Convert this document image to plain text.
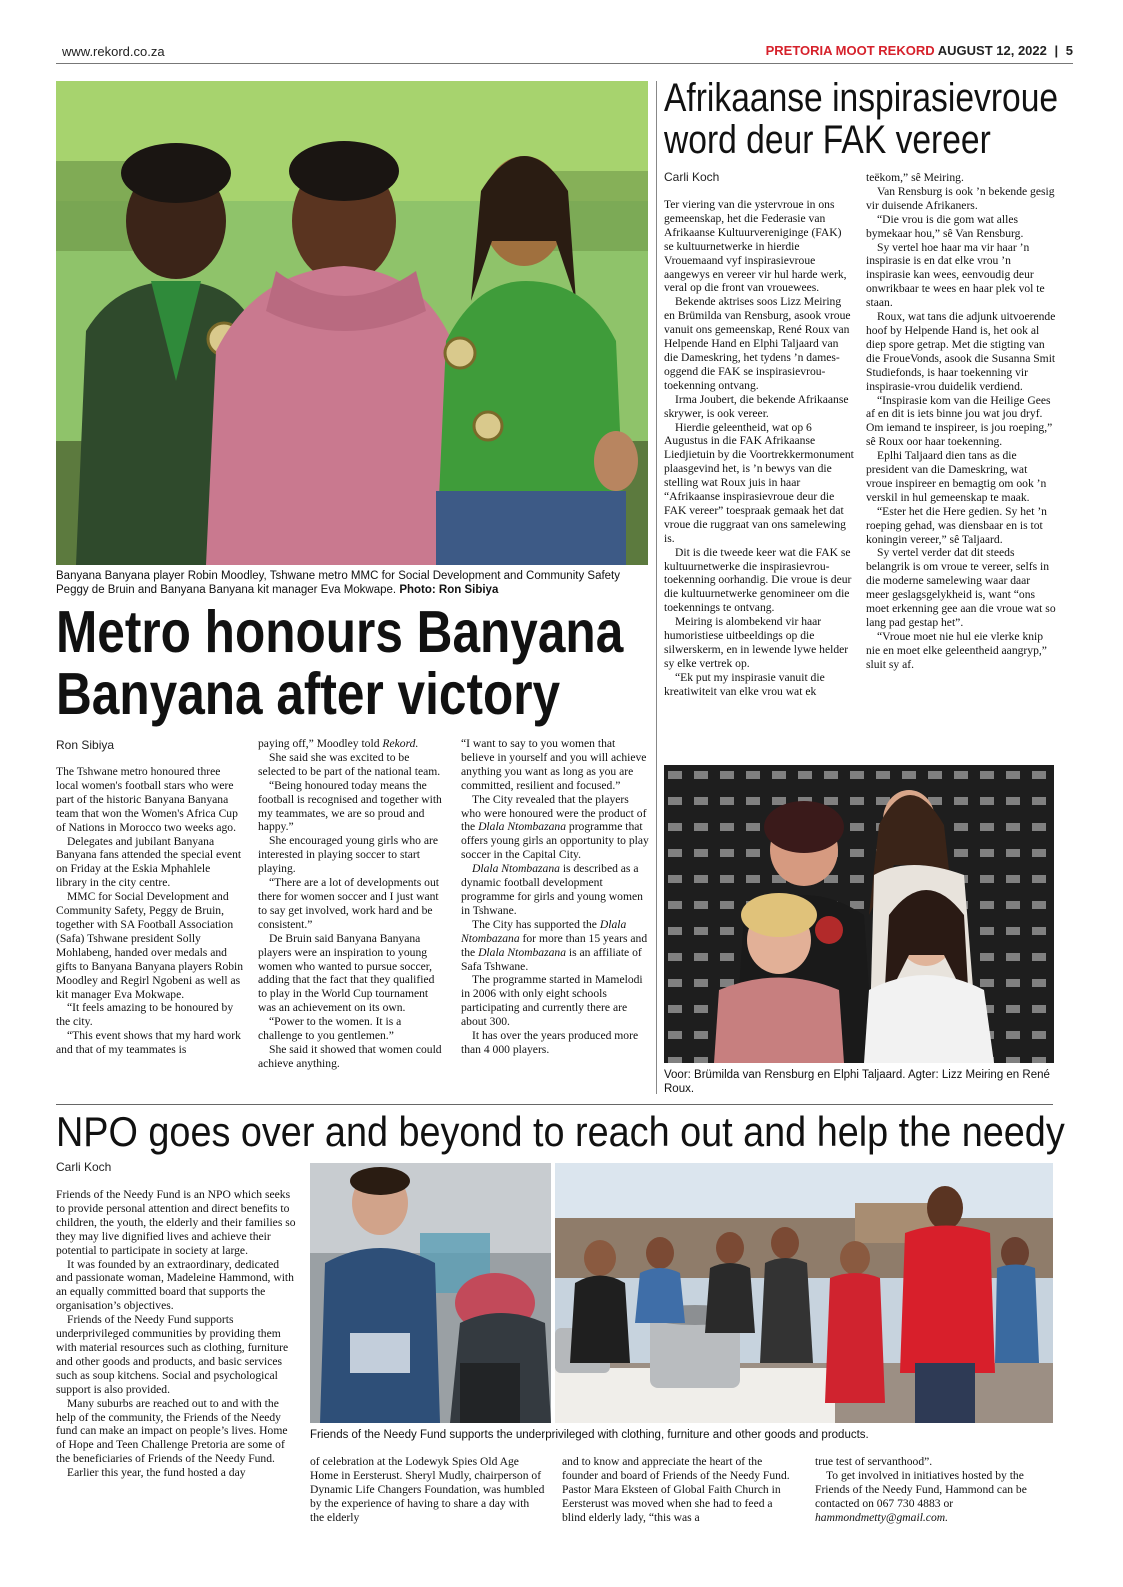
www.rekord.co.za	PRETORIA MOOT REKORD AUGUST 12, 2022 | 5
Banyana Banyana player Robin Moodley, Tshwane metro MMC for Social Development and Community Safety Peggy de Bruin and Banyana Banyana kit manager Eva Mokwape. Photo: Ron Sibiya
Metro honours Banyana
Banyana after victory
Ron Sibiya

The Tshwane metro honoured three local women's football stars who were part of the historic Banyana Banyana team that won the Women's Africa Cup of Nations in Morocco two weeks ago.

Delegates and jubilant Banyana Banyana fans attended the special event on Friday at the Eskia Mphahlele library in the city centre.

MMC for Social Development and Community Safety, Peggy de Bruin, together with SA Football Association (Safa) Tshwane president Solly Mohlabeng, handed over medals and gifts to Banyana Banyana players Robin Moodley and Regirl Ngobeni as well as kit manager Eva Mokwape.

“It feels amazing to be honoured by the city.

“This event shows that my hard work and that of my teammates is

paying off,” Moodley told Rekord.

She said she was excited to be selected to be part of the national team.

“Being honoured today means the football is recognised and together with my teammates, we are so proud and happy.”

She encouraged young girls who are interested in playing soccer to start playing.

“There are a lot of developments out there for women soccer and I just want to say get involved, work hard and be consistent.”

De Bruin said Banyana Banyana players were an inspiration to young women who wanted to pursue soccer, adding that the fact that they qualified to play in the World Cup tournament was an achievement on its own.

“Power to the women. It is a challenge to you gentlemen.”

She said it showed that women could achieve anything.

“I want to say to you women that believe in yourself and you will achieve anything you want as long as you are committed, resilient and focused.”

The City revealed that the players who were honoured were the product of the Dlala Ntombazana programme that offers young girls an opportunity to play soccer in the Capital City.

Dlala Ntombazana is described as a dynamic football development programme for girls and young women in Tshwane.

The City has supported the Dlala Ntombazana for more than 15 years and the Dlala Ntombazana is an affiliate of Safa Tshwane.

The programme started in Mamelodi in 2006 with only eight schools participating and currently there are about 300.

It has over the years produced more than 4 000 players.

Afrikaanse inspirasievroue
word deur FAK vereer
Carli Koch

Ter viering van die ystervroue in ons gemeenskap, het die Federasie van Afrikaanse Kultuurvereniginge (FAK) se kultuurnetwerke in hierdie Vrouemaand vyf inspirasievroue aangewys en vereer vir hul harde werk, veral op die front van vrouewees.

Bekende aktrises soos Lizz Meiring en Brümilda van Rensburg, asook vroue vanuit ons gemeenskap, René Roux van Helpende Hand en Elphi Taljaard van die Dameskring, het tydens ’n dames-oggend die FAK se inspirasievrou-toekenning ontvang.

Irma Joubert, die bekende Afrikaanse skrywer, is ook vereer.

Hierdie geleentheid, wat op 6 Augustus in die FAK Afrikaanse Liedjietuin by die Voortrekkermonument plaasgevind het, is ’n bewys van die stelling wat Roux juis in haar “Afrikaanse inspirasievroue deur die FAK vereer” toespraak gemaak het dat vroue die ruggraat van ons samelewing is.

Dit is die tweede keer wat die FAK se kultuurnetwerke die inspirasievrou-toekenning oorhandig. Die vroue is deur die kultuurnetwerke genomineer om die toekennings te ontvang.

Meiring is alombekend vir haar humoristiese uitbeeldings op die silwerskerm, en in lewende lywe helder sy elke vertrek op.

“Ek put my inspirasie vanuit die kreatiwiteit van elke vrou wat ek

teëkom,” sê Meiring.

Van Rensburg is ook ’n bekende gesig vir duisende Afrikaners.

“Die vrou is die gom wat alles bymekaar hou,” sê Van Rensburg.

Sy vertel hoe haar ma vir haar ’n inspirasie is en dat elke vrou ’n inspirasie kan wees, eenvoudig deur onwrikbaar te wees en haar plek vol te staan.

Roux, wat tans die adjunk uitvoerende hoof by Helpende Hand is, het ook al diep spore getrap. Met die stigting van die FroueVonds, asook die Susanna Smit Studiefonds, is haar toekenning vir inspirasie-vrou duidelik verdiend.

“Inspirasie kom van die Heilige Gees af en dit is iets binne jou wat jou dryf. Om iemand te inspireer, is jou roeping,” sê Roux oor haar toekenning.

Eplhi Taljaard dien tans as die president van die Dameskring, wat vroue inspireer en bemagtig om ook ’n verskil in hul gemeenskap te maak.

“Ester het die Here gedien. Sy het ’n roeping gehad, was diensbaar en is tot koningin vereer,” sê Taljaard.

Sy vertel verder dat dit steeds belangrik is om vroue te vereer, selfs in die moderne samelewing waar daar meer geslagsgelykheid is, want “ons moet erkenning gee aan die vroue wat so lang pad gestap het”.

“Vroue moet nie hul eie vlerke knip nie en moet elke geleentheid aangryp,” sluit sy af.

Voor: Brümilda van Rensburg en Elphi Taljaard. Agter: Lizz Meiring en René Roux.
NPO goes over and beyond to reach out and help the needy
Carli Koch

Friends of the Needy Fund is an NPO which seeks to provide personal attention and direct benefits to children, the youth, the elderly and their families so they may live dignified lives and achieve their potential to participate in society at large.

It was founded by an extraordinary, dedicated and passionate woman, Madeleine Hammond, with an equally committed board that supports the organisation’s objectives.

Friends of the Needy Fund supports underprivileged communities by providing them with material resources such as clothing, furniture and other goods and products, and basic services such as soup kitchens. Social and psychological support is also provided.

Many suburbs are reached out to and with the help of the community, the Friends of the Needy fund can make an impact on people’s lives. Home of Hope and Teen Challenge Pretoria are some of the beneficiaries of Friends of the Needy Fund.

Earlier this year, the fund hosted a day

Friends of the Needy Fund supports the underprivileged with clothing, furniture and other goods and products.

of celebration at the Lodewyk Spies Old Age Home in Eersterust. Sheryl Mudly, chairperson of Dynamic Life Changers Foundation, was humbled by the experience of having to share a day with the elderly

and to know and appreciate the heart of the founder and board of Friends of the Needy Fund. Pastor Mara Eksteen of Global Faith Church in Eersterust was moved when she had to feed a blind elderly lady, “this was a

true test of servanthood”.

To get involved in initiatives hosted by the Friends of the Needy Fund, Hammond can be contacted on 067 730 4883 or hammondmetty@gmail.com.
